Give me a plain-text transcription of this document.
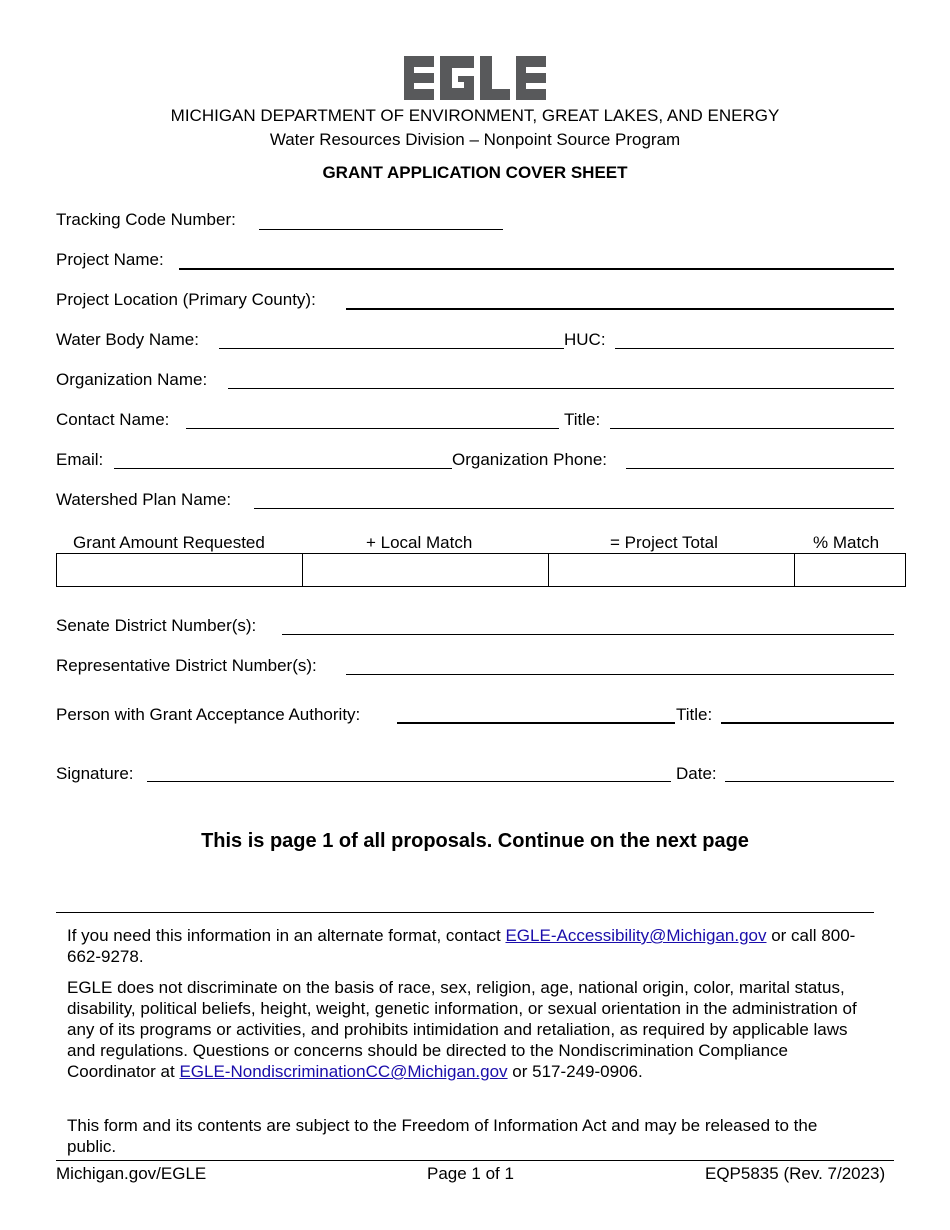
MICHIGAN DEPARTMENT OF ENVIRONMENT, GREAT LAKES, AND ENERGY
Water Resources Division – Nonpoint Source Program
GRANT APPLICATION COVER SHEET
Tracking Code Number:
Project Name:
Project Location (Primary County):
Water Body Name:	HUC:
Organization Name:
Contact Name:	Title:
Email:	Organization Phone:
Watershed Plan Name:
Grant Amount Requested	+ Local Match	= Project Total	% Match
Senate District Number(s):
Representative District Number(s):
Person with Grant Acceptance Authority:	Title:
Signature:	Date:
This is page 1 of all proposals. Continue on the next page
If you need this information in an alternate format, contact EGLE-Accessibility@Michigan.gov or call 800-662-9278.
EGLE does not discriminate on the basis of race, sex, religion, age, national origin, color, marital status, disability, political beliefs, height, weight, genetic information, or sexual orientation in the administration of any of its programs or activities, and prohibits intimidation and retaliation, as required by applicable laws and regulations. Questions or concerns should be directed to the Nondiscrimination Compliance Coordinator at EGLE-NondiscriminationCC@Michigan.gov or 517-249-0906.
This form and its contents are subject to the Freedom of Information Act and may be released to the public.
Michigan.gov/EGLE	Page 1 of 1	EQP5835 (Rev. 7/2023)
